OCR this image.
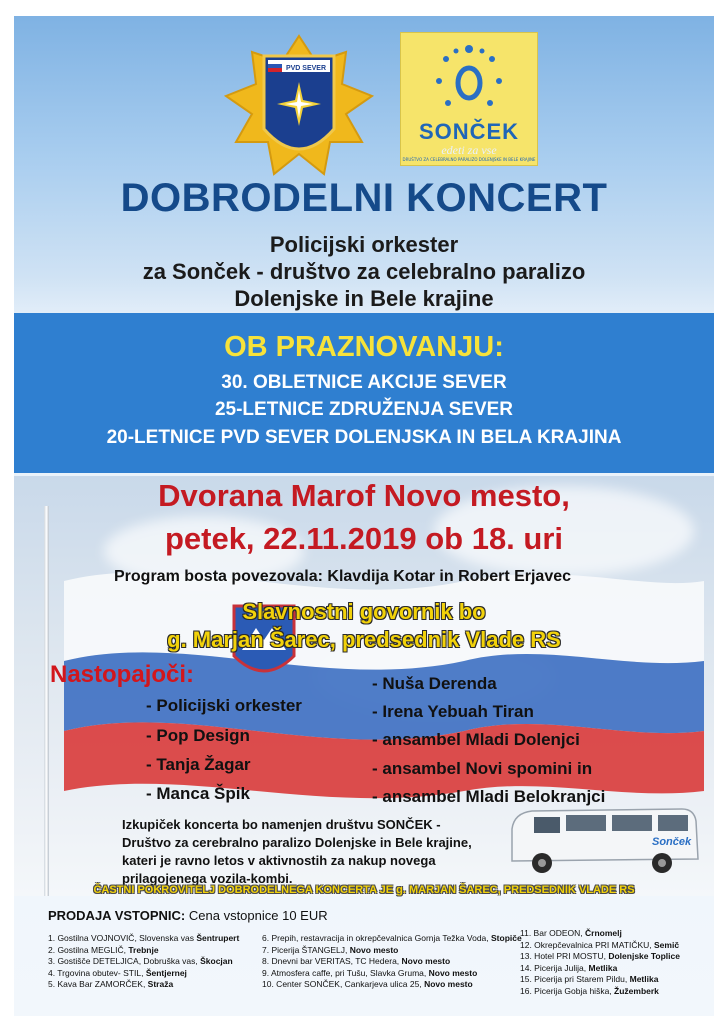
PVD SEVER
SONČEK
edeti za vse
DRUŠTVO ZA CELEBRALNO PARALIZO DOLENJSKE IN BELE KRAJINE
DOBRODELNI KONCERT
Policijski orkester
za Sonček - društvo za celebralno paralizo
Dolenjske in Bele krajine
OB PRAZNOVANJU:
30. OBLETNICE AKCIJE SEVER
25-LETNICE ZDRUŽENJA SEVER
20-LETNICE PVD SEVER DOLENJSKA IN BELA KRAJINA
Dvorana Marof Novo mesto,
petek, 22.11.2019 ob 18. uri
Program bosta povezovala: Klavdija Kotar in Robert Erjavec
Slavnostni govornik bo
g. Marjan Šarec, predsednik Vlade RS
Nastopajoči:
- Policijski orkester
- Pop Design
- Tanja Žagar
- Manca Špik
- Nuša Derenda
- Irena Yebuah Tiran
- ansambel Mladi Dolenjci
- ansambel Novi spomini in
- ansambel Mladi Belokranjci
Izkupiček koncerta bo namenjen društvu SONČEK - Društvo za cerebralno paralizo Dolenjske in Bele krajine, kateri je ravno letos v aktivnostih za nakup novega prilagojenega vozila-kombi.
Sonček
ČASTNI POKROVITELJ DOBRODELNEGA KONCERTA JE g. MARJAN ŠAREC, PREDSEDNIK VLADE RS
PRODAJA VSTOPNIC: Cena vstopnice 10 EUR
1. Gostilna VOJNOVIČ, Slovenska vas Šentrupert
2. Gostilna MEGLIČ, Trebnje
3. Gostišče DETELJICA, Dobruška vas, Škocjan
4. Trgovina obutev- STIL, Šentjernej
5. Kava Bar ZAMORČEK, Straža
6. Prepih, restavracija in okrepčevalnica Gornja Težka Voda, Stopiče
7. Picerija ŠTANGELJ, Novo mesto
8. Dnevni bar VERITAS, TC Hedera, Novo mesto
9. Atmosfera caffe, pri Tušu, Slavka Gruma, Novo mesto
10. Center SONČEK, Cankarjeva ulica 25, Novo mesto
11. Bar ODEON, Črnomelj
12. Okrepčevalnica PRI MATIČKU, Semič
13. Hotel PRI MOSTU, Dolenjske Toplice
14. Picerija Julija, Metlika
15. Picerija pri Starem Pildu, Metlika
16. Picerija Gobja hiška, Žužemberk
